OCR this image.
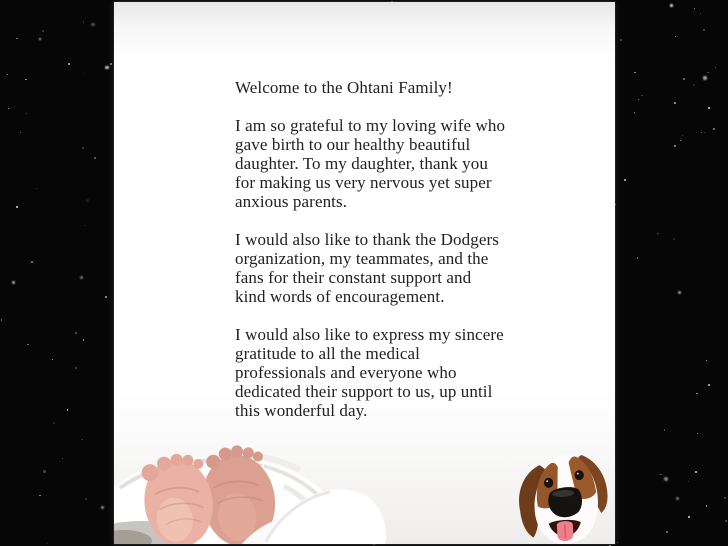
Welcome to the Ohtani Family!
I am so grateful to my loving wife who
gave birth to our healthy beautiful
daughter. To my daughter, thank you
for making us very nervous yet super
anxious parents.
I would also like to thank the Dodgers
organization, my teammates, and the
fans for their constant support and
kind words of encouragement.
I would also like to express my sincere
gratitude to all the medical
professionals and everyone who
dedicated their support to us, up until
this wonderful day.
